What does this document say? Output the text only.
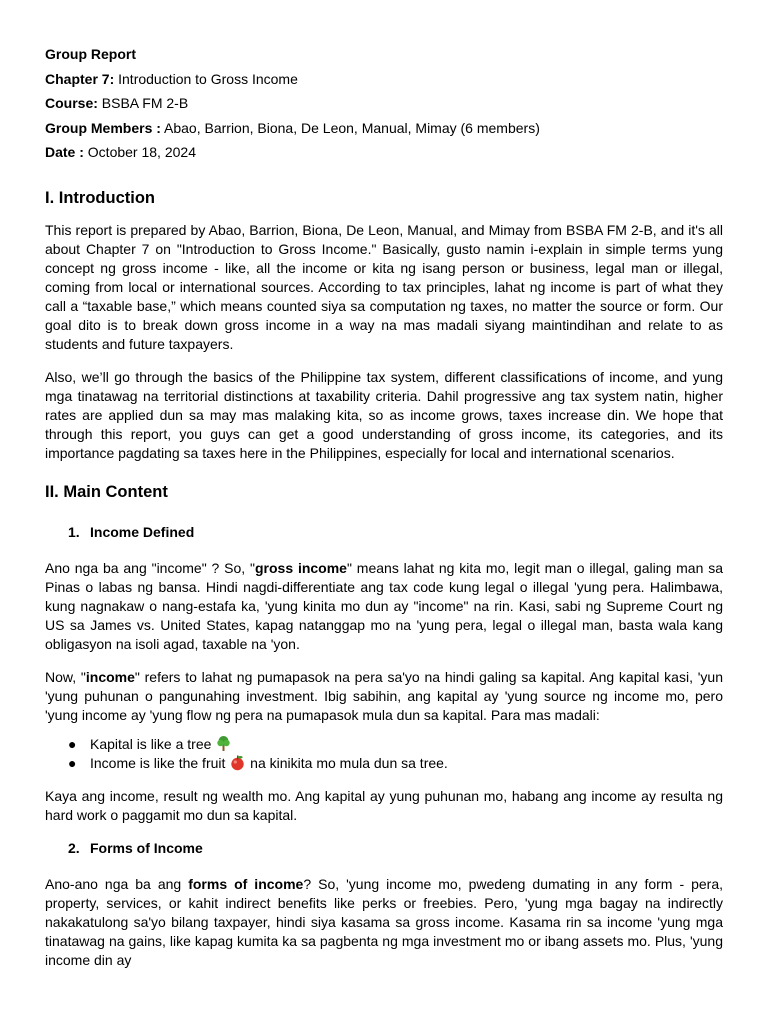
Group Report
Chapter 7: Introduction to Gross Income
Course: BSBA FM 2-B
Group Members : Abao, Barrion, Biona, De Leon, Manual, Mimay (6 members)
Date : October 18, 2024
I. Introduction

This report is prepared by Abao, Barrion, Biona, De Leon, Manual, and Mimay from BSBA FM 2-B, and it's all about Chapter 7 on "Introduction to Gross Income." Basically, gusto namin i-explain in simple terms yung concept ng gross income - like, all the income or kita ng isang person or business, legal man or illegal, coming from local or international sources. According to tax principles, lahat ng income is part of what they call a “taxable base,” which means counted siya sa computation ng taxes, no matter the source or form. Our goal dito is to break down gross income in a way na mas madali siyang maintindihan and relate to as students and future taxpayers.

Also, we’ll go through the basics of the Philippine tax system, different classifications of income, and yung mga tinatawag na territorial distinctions at taxability criteria. Dahil progressive ang tax system natin, higher rates are applied dun sa may mas malaking kita, so as income grows, taxes increase din. We hope that through this report, you guys can get a good understanding of gross income, its categories, and its importance pagdating sa taxes here in the Philippines, especially for local and international scenarios.

II. Main Content
1. Income Defined

Ano nga ba ang "income" ? So, "gross income" means lahat ng kita mo, legit man o illegal, galing man sa Pinas o labas ng bansa. Hindi nagdi-differentiate ang tax code kung legal o illegal 'yung pera. Halimbawa, kung nagnakaw o nang-estafa ka, 'yung kinita mo dun ay "income" na rin. Kasi, sabi ng Supreme Court ng US sa James vs. United States, kapag natanggap mo na 'yung pera, legal o illegal man, basta wala kang obligasyon na isoli agad, taxable na 'yon.

Now, "income" refers to lahat ng pumapasok na pera sa'yo na hindi galing sa kapital. Ang kapital kasi, 'yun 'yung puhunan o pangunahing investment. Ibig sabihin, ang kapital ay 'yung source ng income mo, pero 'yung income ay 'yung flow ng pera na pumapasok mula dun sa kapital. Para mas madali:

● Kapital is like a tree
● Income is like the fruit  na kinikita mo mula dun sa tree.

Kaya ang income, result ng wealth mo. Ang kapital ay yung puhunan mo, habang ang income ay resulta ng hard work o paggamit mo dun sa kapital.

2. Forms of Income

Ano-ano nga ba ang forms of income? So, 'yung income mo, pwedeng dumating in any form - pera, property, services, or kahit indirect benefits like perks or freebies. Pero, 'yung mga bagay na indirectly nakakatulong sa'yo bilang taxpayer, hindi siya kasama sa gross income. Kasama rin sa income 'yung mga tinatawag na gains, like kapag kumita ka sa pagbenta ng mga investment mo or ibang assets mo. Plus, 'yung income din ay
